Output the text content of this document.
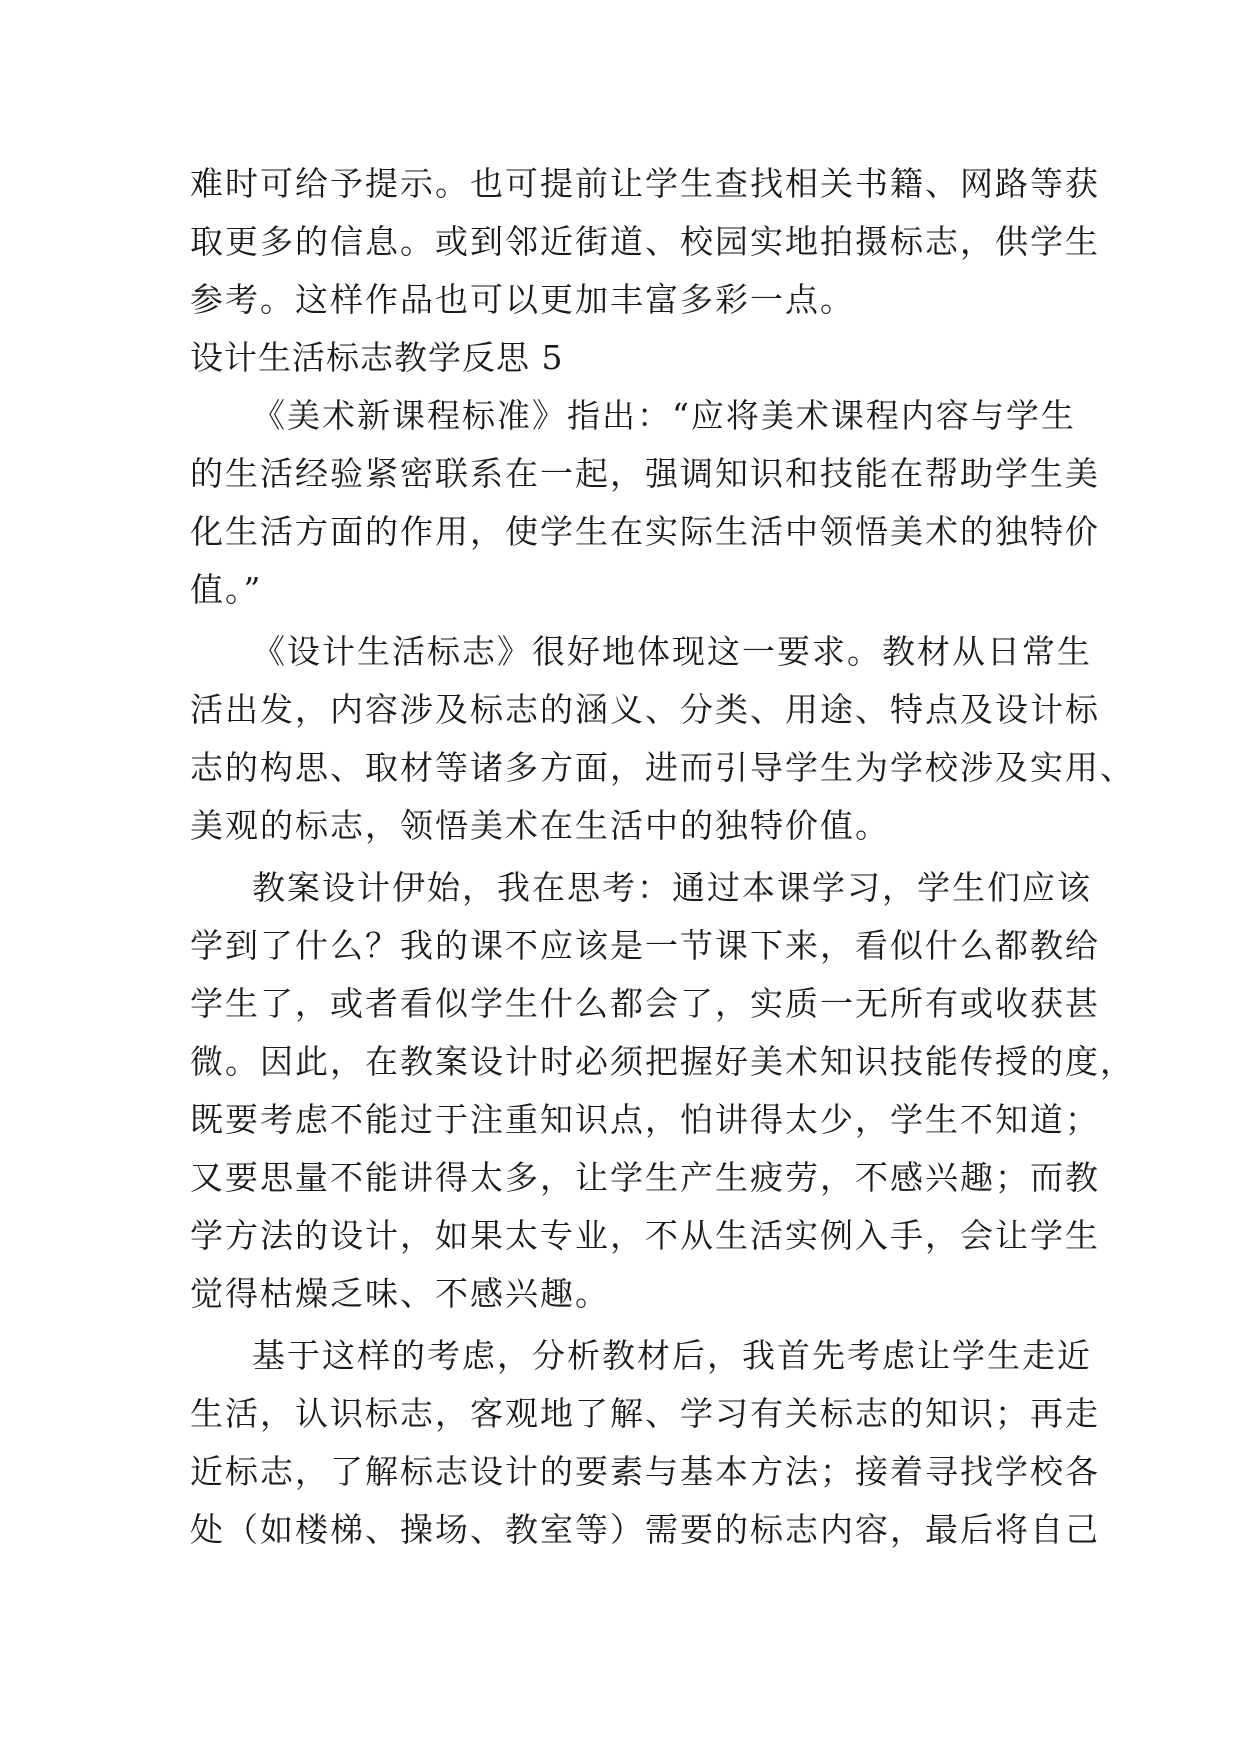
难时可给予提示。也可提前让学生查找相关书籍、网路等获
取更多的信息。或到邻近街道、校园实地拍摄标志，供学生
参考。这样作品也可以更加丰富多彩一点。
设计生活标志教学反思 5
《美术新课程标准》指出：“应将美术课程内容与学生
的生活经验紧密联系在一起，强调知识和技能在帮助学生美
化生活方面的作用，使学生在实际生活中领悟美术的独特价
值。”
《设计生活标志》很好地体现这一要求。教材从日常生
活出发，内容涉及标志的涵义、分类、用途、特点及设计标
志的构思、取材等诸多方面，进而引导学生为学校涉及实用、
美观的标志，领悟美术在生活中的独特价值。
教案设计伊始，我在思考：通过本课学习，学生们应该
学到了什么？我的课不应该是一节课下来，看似什么都教给
学生了，或者看似学生什么都会了，实质一无所有或收获甚
微。因此，在教案设计时必须把握好美术知识技能传授的度，
既要考虑不能过于注重知识点，怕讲得太少，学生不知道；
又要思量不能讲得太多，让学生产生疲劳，不感兴趣；而教
学方法的设计，如果太专业，不从生活实例入手，会让学生
觉得枯燥乏味、不感兴趣。
基于这样的考虑，分析教材后，我首先考虑让学生走近
生活，认识标志，客观地了解、学习有关标志的知识；再走
近标志，了解标志设计的要素与基本方法；接着寻找学校各
处（如楼梯、操场、教室等）需要的标志内容，最后将自己
